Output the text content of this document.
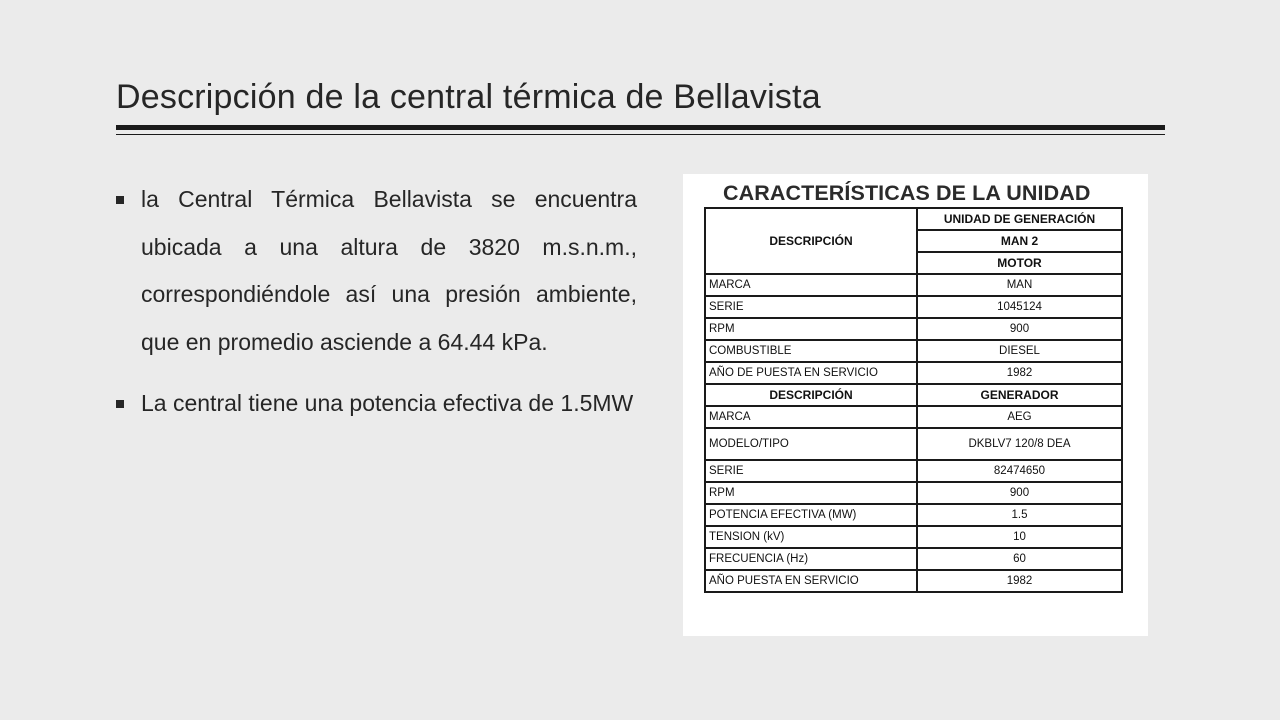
Descripción de la central térmica de Bellavista
la Central Térmica Bellavista se encuentra ubicada a una altura de 3820 m.s.n.m., correspondiéndole así una presión ambiente, que en promedio asciende a 64.44 kPa.
La central tiene una potencia efectiva de 1.5MW
CARACTERÍSTICAS DE LA UNIDAD
DESCRIPCIÓN	UNIDAD DE GENERACIÓN
	MAN 2
	MOTOR
MARCA	MAN
SERIE	1045124
RPM	900
COMBUSTIBLE	DIESEL
AÑO DE PUESTA EN SERVICIO	1982
DESCRIPCIÓN	GENERADOR
MARCA	AEG
MODELO/TIPO	DKBLV7 120/8 DEA
SERIE	82474650
RPM	900
POTENCIA EFECTIVA (MW)	1.5
TENSION (kV)	10
FRECUENCIA (Hz)	60
AÑO PUESTA EN SERVICIO	1982
